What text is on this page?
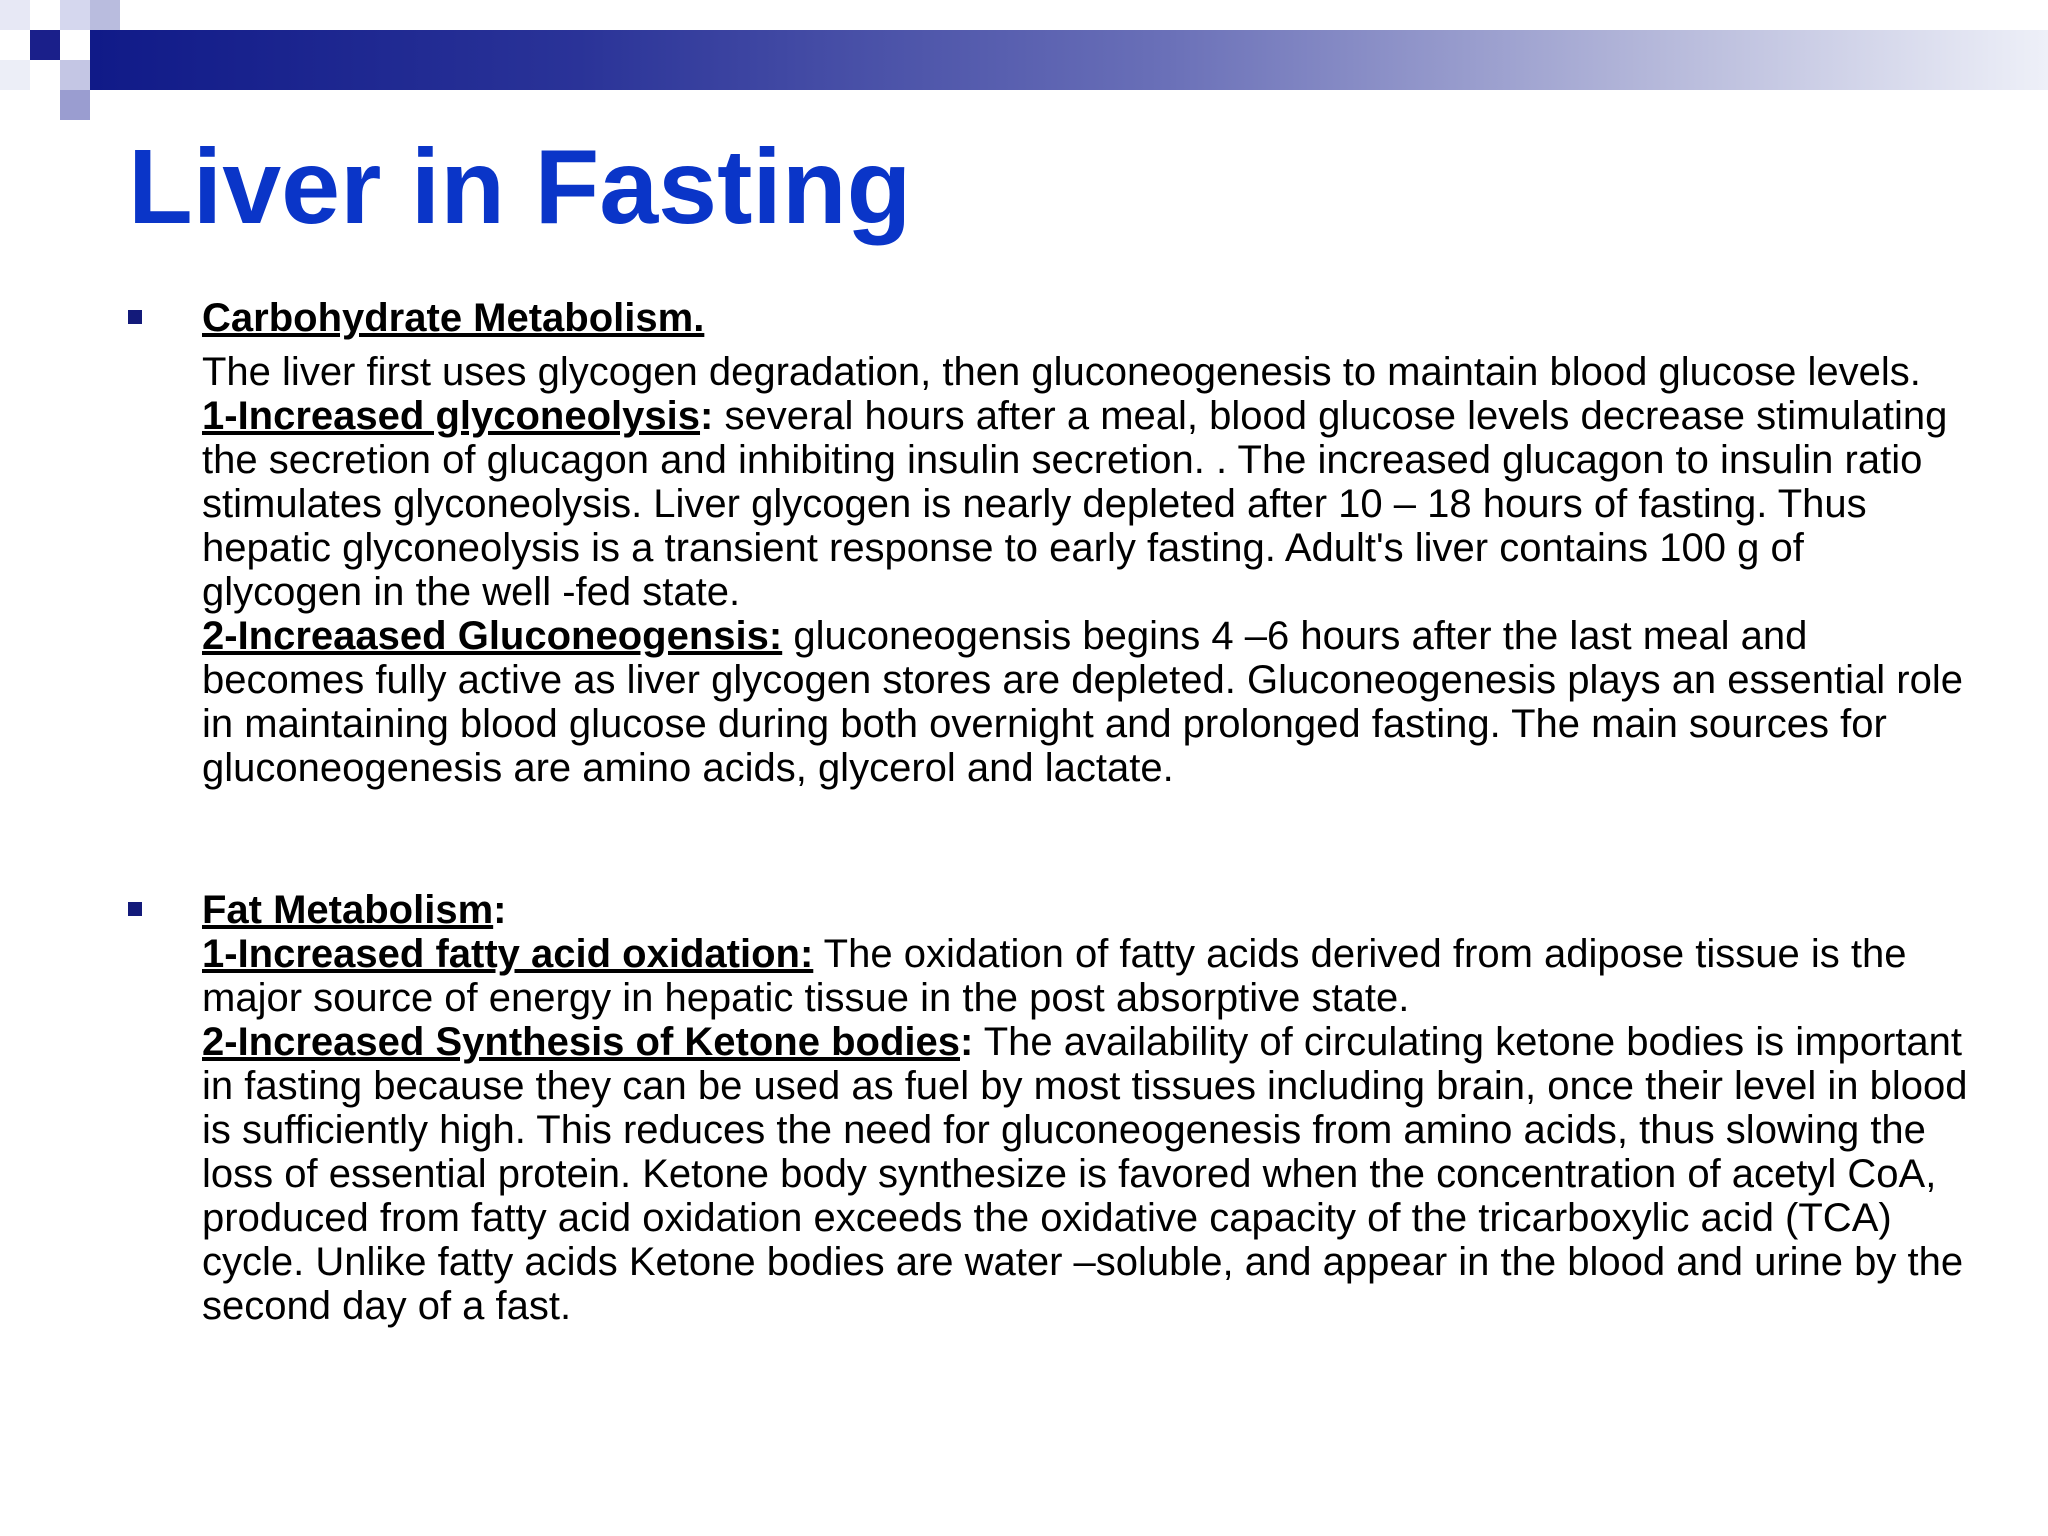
Liver in Fasting
Carbohydrate Metabolism.

The liver first uses glycogen degradation, then gluconeogenesis to maintain blood glucose levels.

1-Increased glyconeolysis: several hours after a meal, blood glucose levels decrease stimulating the secretion of glucagon and inhibiting insulin secretion. . The increased glucagon to insulin ratio stimulates glyconeolysis. Liver glycogen is nearly depleted after 10 – 18 hours of fasting. Thus hepatic glyconeolysis is a transient response to early fasting. Adult's liver contains 100 g of glycogen in the well -fed state.

2-Increaased Gluconeogensis: gluconeogensis begins 4 –6 hours after the last meal and becomes fully active as liver glycogen stores are depleted. Gluconeogenesis plays an essential role in maintaining blood glucose during both overnight and prolonged fasting. The main sources for gluconeogenesis are amino acids, glycerol and lactate.

Fat Metabolism:

1-Increased fatty acid oxidation: The oxidation of fatty acids derived from adipose tissue is the major source of energy in hepatic tissue in the post absorptive state.

2-Increased Synthesis of Ketone bodies: The availability of circulating ketone bodies is important in fasting because they can be used as fuel by most tissues including brain, once their level in blood is sufficiently high. This reduces the need for gluconeogenesis from amino acids, thus slowing the loss of essential protein. Ketone body synthesize is favored when the concentration of acetyl CoA, produced from fatty acid oxidation exceeds the oxidative capacity of the tricarboxylic acid (TCA) cycle. Unlike fatty acids Ketone bodies are water –soluble, and appear in the blood and urine by the second day of a fast.
